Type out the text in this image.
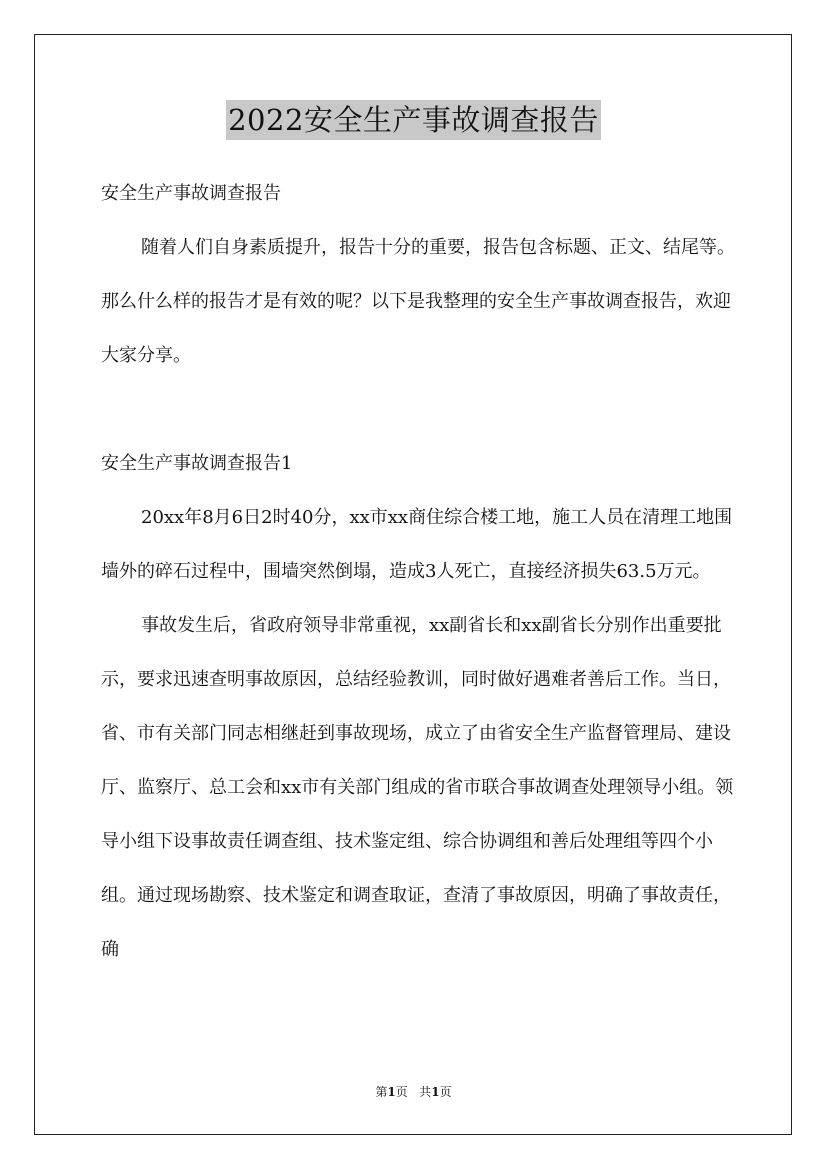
2022安全生产事故调查报告

安全生产事故调查报告

随着人们自身素质提升，报告十分的重要，报告包含标题、正文、结尾等。那么什么样的报告才是有效的呢？以下是我整理的安全生产事故调查报告，欢迎大家分享。

安全生产事故调查报告1

20xx年8月6日2时40分，xx市xx商住综合楼工地，施工人员在清理工地围墙外的碎石过程中，围墙突然倒塌，造成3人死亡，直接经济损失63.5万元。

事故发生后，省政府领导非常重视，xx副省长和xx副省长分别作出重要批示，要求迅速查明事故原因，总结经验教训，同时做好遇难者善后工作。当日，省、市有关部门同志相继赶到事故现场，成立了由省安全生产监督管理局、建设厅、监察厅、总工会和xx市有关部门组成的省市联合事故调查处理领导小组。领导小组下设事故责任调查组、技术鉴定组、综合协调组和善后处理组等四个小组。通过现场勘察、技术鉴定和调查取证，查清了事故原因，明确了事故责任，确

第1页 共1页
